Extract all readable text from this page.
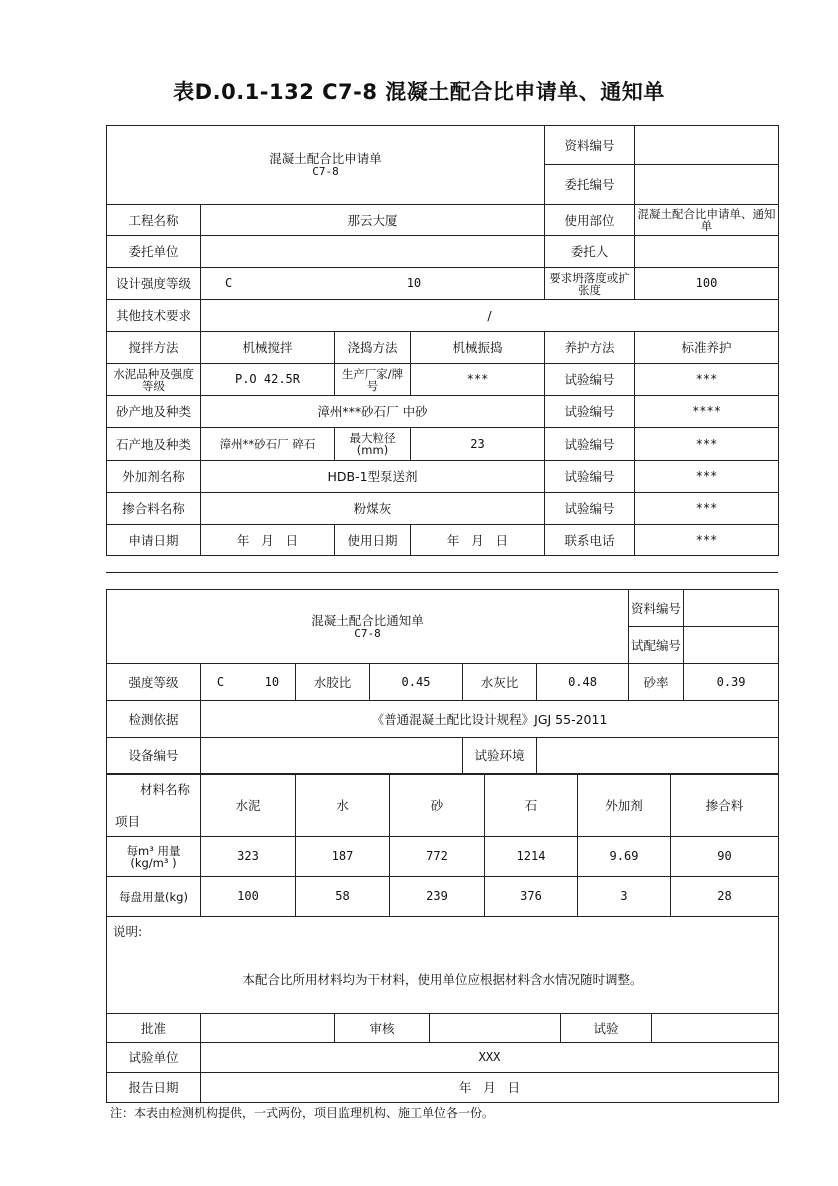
表D.0.1-132 C7-8 混凝土配合比申请单、通知单
混凝土配合比申请单
C7-8				资料编号	
				委托编号	
工程名称	那云大厦			使用部位	混凝土配合比申请单、通知单
委托单位				委托人	
设计强度等级	C 10			要求坍落度或扩张度	100
其他技术要求	/				
搅拌方法	机械搅拌	浇捣方法	机械振捣	养护方法	标准养护
水泥品种及强度等级	P.O 42.5R	生产厂家/牌号	***	试验编号	***
砂产地及种类	漳州***砂石厂 中砂			试验编号	****
石产地及种类	漳州**砂石厂 碎石	最大粒径(mm)	23	试验编号	***
外加剂名称	HDB-1型泵送剂			试验编号	***
掺合料名称	粉煤灰			试验编号	***
申请日期	年   月   日	使用日期	年   月   日	联系电话	***
混凝土配合比通知单
C7-8						资料编号	
						试配编号	
强度等级	C 10	水胶比	0.45	水灰比	0.48	砂率	0.39
检测依据	《普通混凝土配比设计规程》JGJ 55-2011						
设备编号				试验环境			
材料名称
项目	水泥	水	砂	石	外加剂	掺合料
每m³ 用量(kg/m³ )	323	187	772	1214	9.69	90
每盘用量(kg)	100	58	239	376	3	28
说明:
本配合比所用材料均为干材料，使用单位应根据材料含水情况随时调整。					

批准		审核		试验	
试验单位	XXX				
报告日期	年   月   日				
注：本表由检测机构提供，一式两份，项目监理机构、施工单位各一份。
